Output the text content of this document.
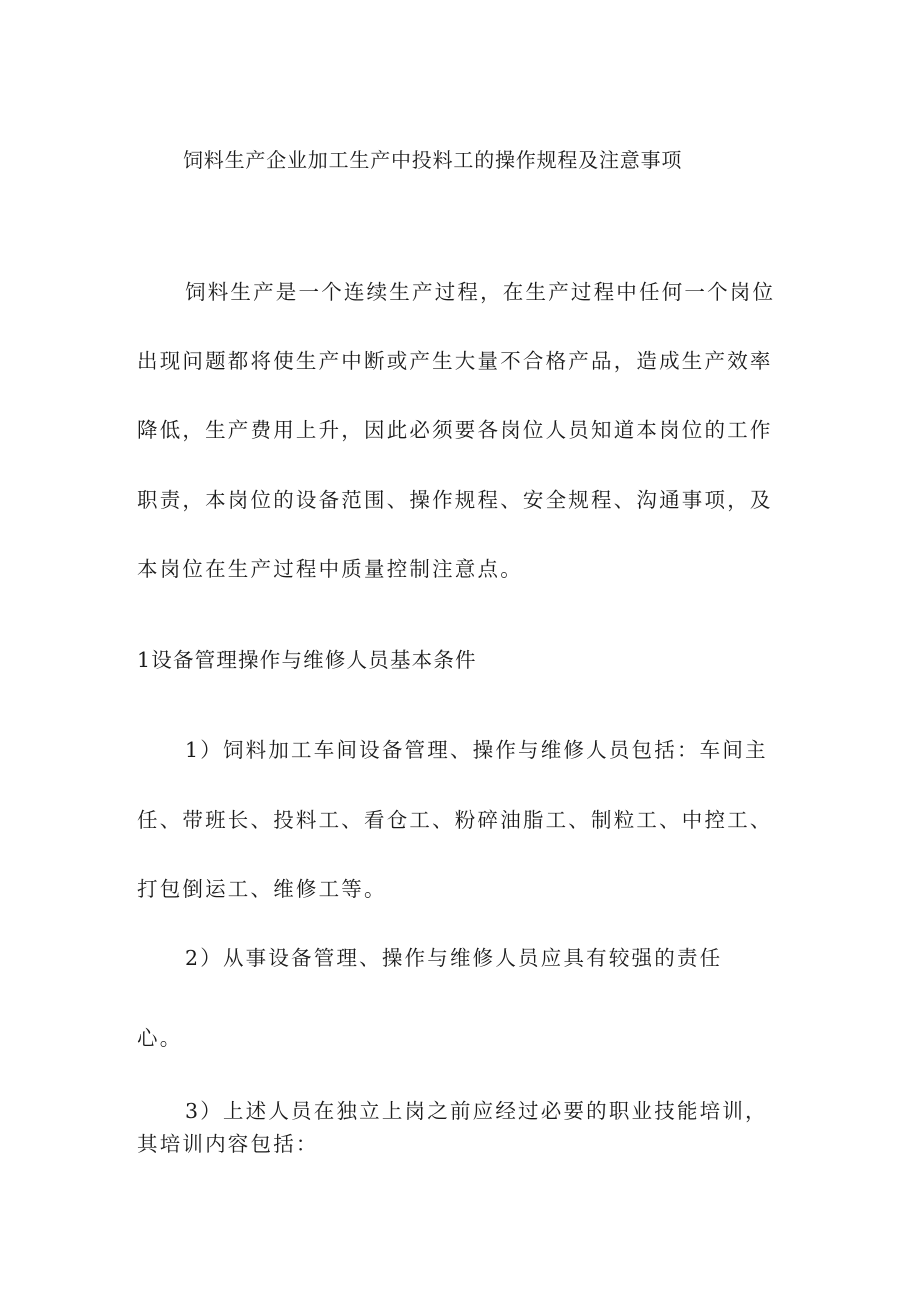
饲料生产企业加工生产中投料工的操作规程及注意事项
饲料生产是一个连续生产过程，在生产过程中任何一个岗位
出现问题都将使生产中断或产生大量不合格产品，造成生产效率
降低，生产费用上升，因此必须要各岗位人员知道本岗位的工作
职责，本岗位的设备范围、操作规程、安全规程、沟通事项，及
本岗位在生产过程中质量控制注意点。
1设备管理操作与维修人员基本条件
1）饲料加工车间设备管理、操作与维修人员包括：车间主
任、带班长、投料工、看仓工、粉碎油脂工、制粒工、中控工、
打包倒运工、维修工等。
2）从事设备管理、操作与维修人员应具有较强的责任
心。
3）上述人员在独立上岗之前应经过必要的职业技能培训，
其培训内容包括：
